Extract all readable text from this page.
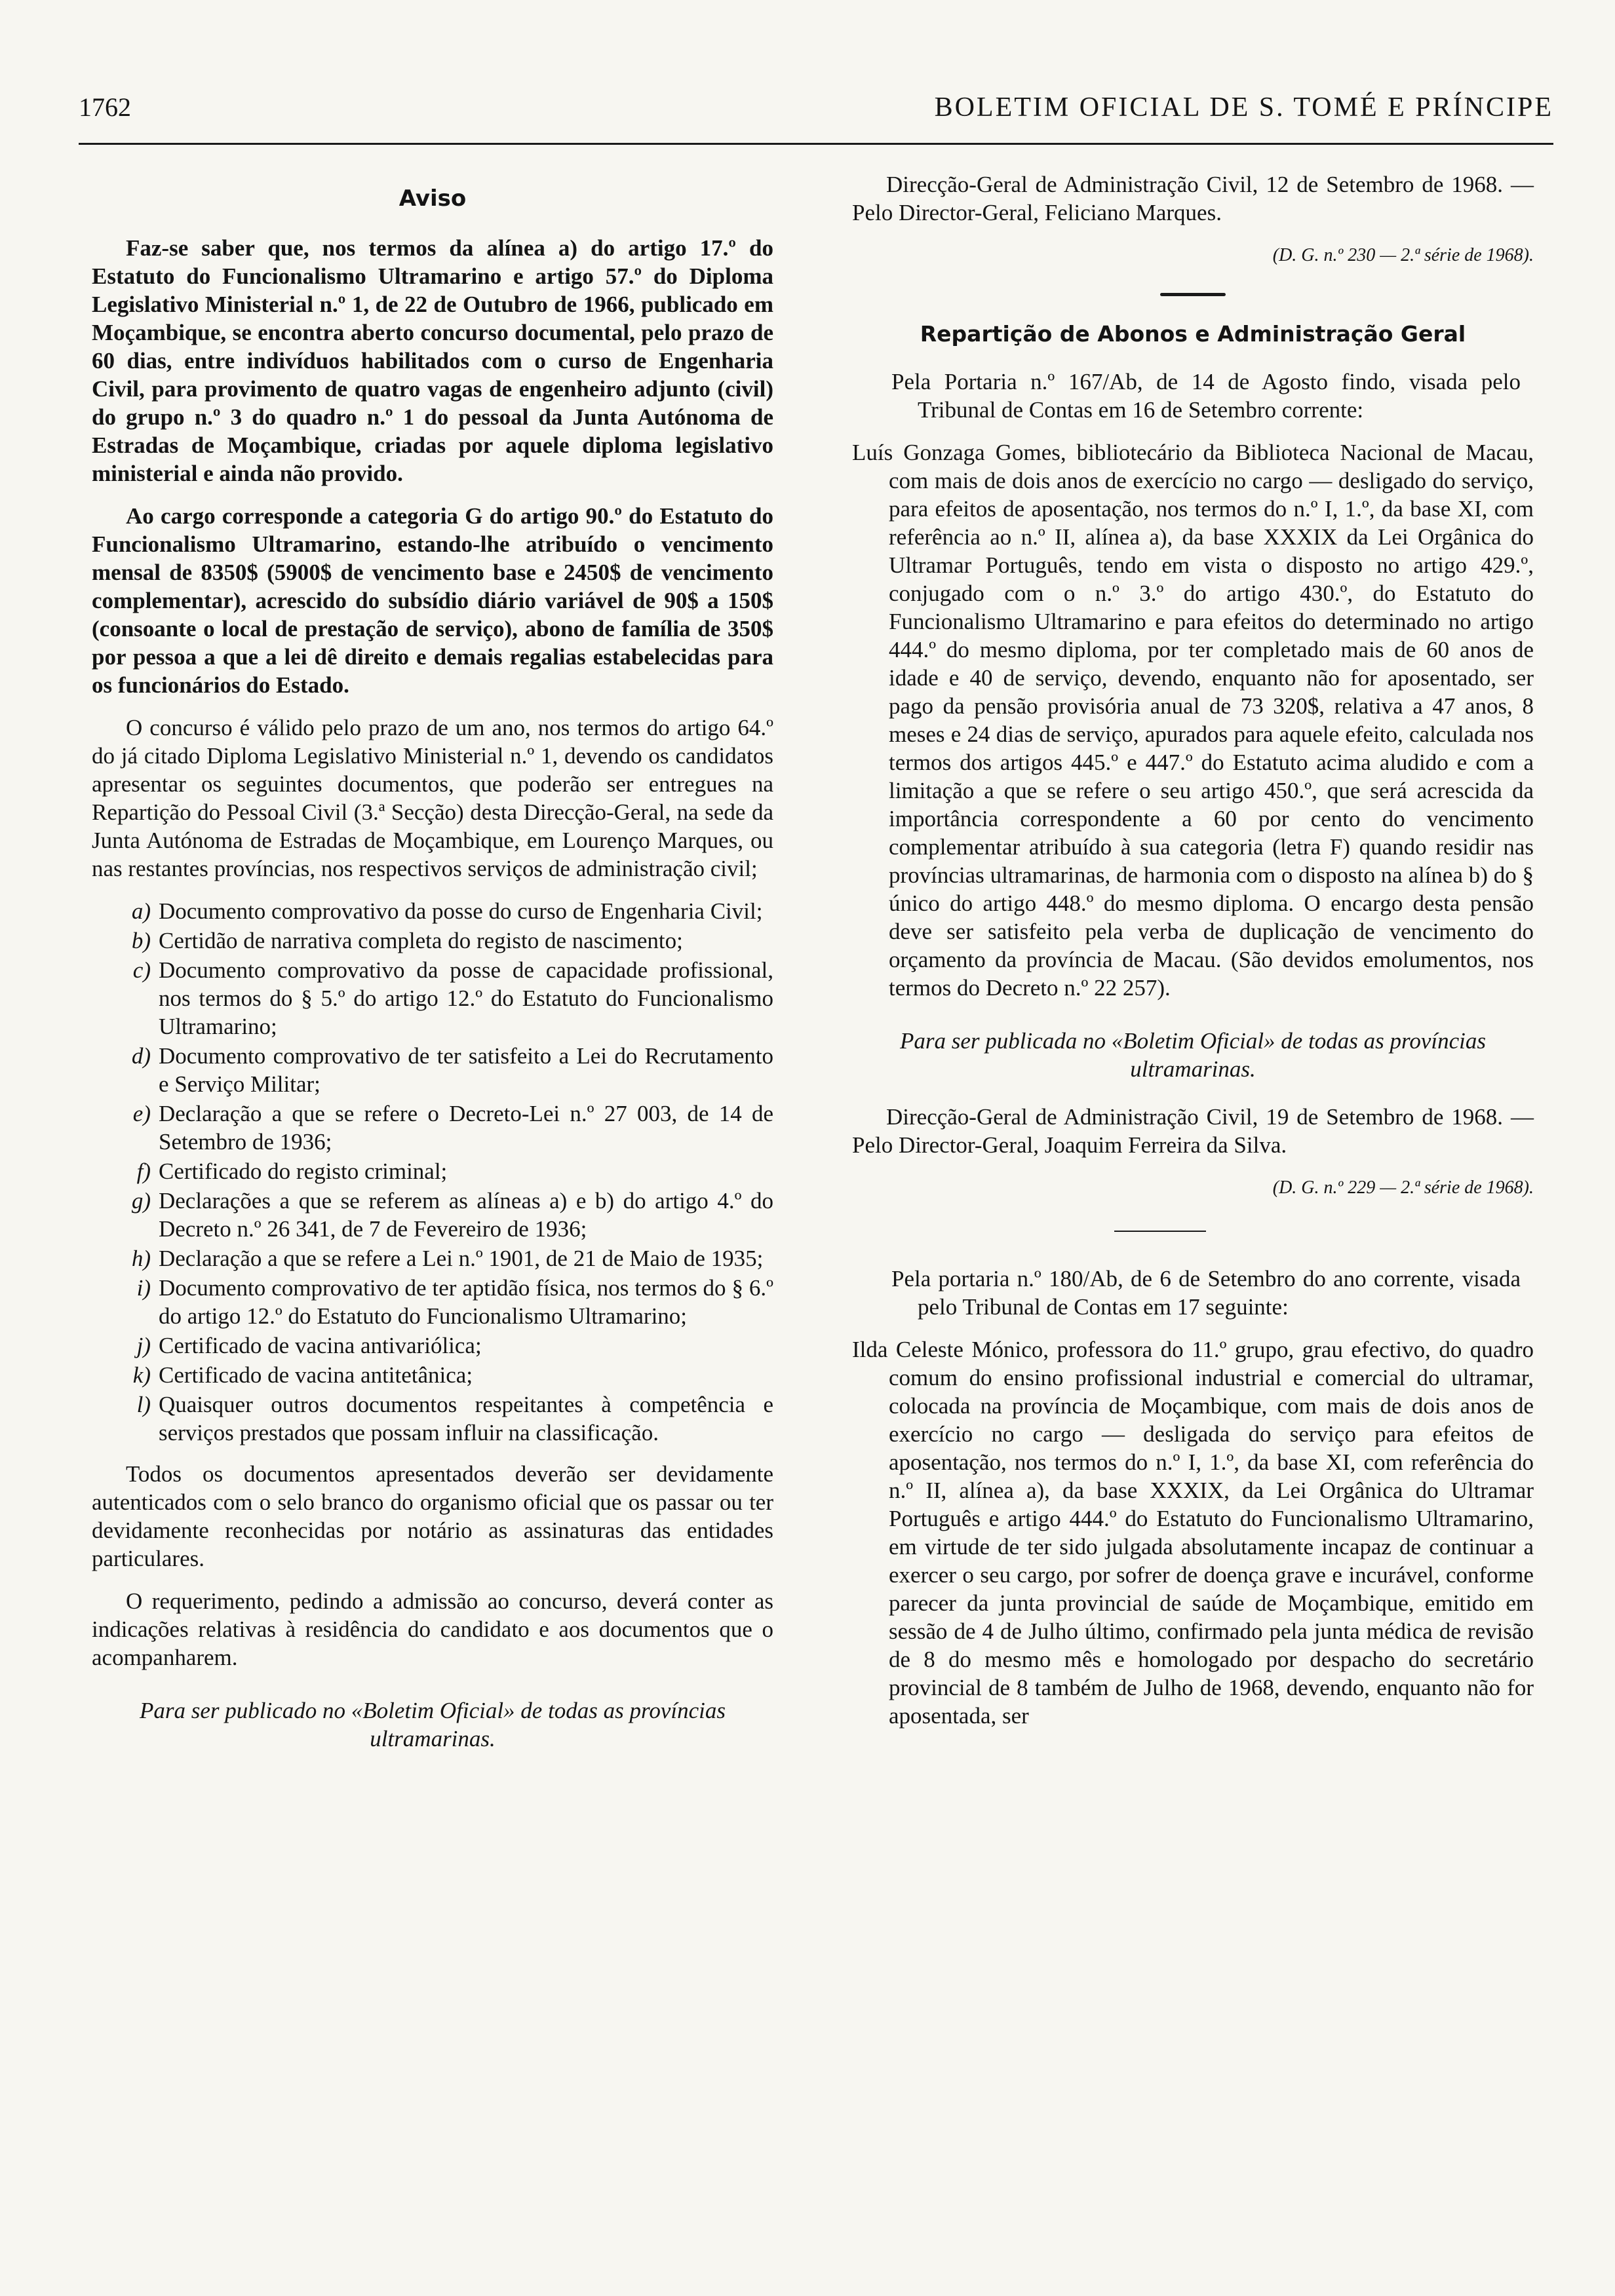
1762	BOLETIM OFICIAL DE S. TOMÉ E PRÍNCIPE
Aviso

Faz-se saber que, nos termos da alínea a) do artigo 17.º do Estatuto do Funcionalismo Ultramarino e artigo 57.º do Diploma Legislativo Ministerial n.º 1, de 22 de Outubro de 1966, publicado em Moçambique, se encontra aberto concurso documental, pelo prazo de 60 dias, entre indivíduos habilitados com o curso de Engenharia Civil, para provimento de quatro vagas de engenheiro adjunto (civil) do grupo n.º 3 do quadro n.º 1 do pessoal da Junta Autónoma de Estradas de Moçambique, criadas por aquele diploma legislativo ministerial e ainda não provido.

Ao cargo corresponde a categoria G do artigo 90.º do Estatuto do Funcionalismo Ultramarino, estando-lhe atribuído o vencimento mensal de 8350$ (5900$ de vencimento base e 2450$ de vencimento complementar), acrescido do subsídio diário variável de 90$ a 150$ (consoante o local de prestação de serviço), abono de família de 350$ por pessoa a que a lei dê direito e demais regalias estabelecidas para os funcionários do Estado.

O concurso é válido pelo prazo de um ano, nos termos do artigo 64.º do já citado Diploma Legislativo Ministerial n.º 1, devendo os candidatos apresentar os seguintes documentos, que poderão ser entregues na Repartição do Pessoal Civil (3.ª Secção) desta Direcção-Geral, na sede da Junta Autónoma de Estradas de Moçambique, em Lourenço Marques, ou nas restantes províncias, nos respectivos serviços de administração civil;

a) Documento comprovativo da posse do curso de Engenharia Civil;
b) Certidão de narrativa completa do registo de nascimento;
c) Documento comprovativo da posse de capacidade profissional, nos termos do § 5.º do artigo 12.º do Estatuto do Funcionalismo Ultramarino;
d) Documento comprovativo de ter satisfeito a Lei do Recrutamento e Serviço Militar;
e) Declaração a que se refere o Decreto-Lei n.º 27 003, de 14 de Setembro de 1936;
f) Certificado do registo criminal;
g) Declarações a que se referem as alíneas a) e b) do artigo 4.º do Decreto n.º 26 341, de 7 de Fevereiro de 1936;
h) Declaração a que se refere a Lei n.º 1901, de 21 de Maio de 1935;
i) Documento comprovativo de ter aptidão física, nos termos do § 6.º do artigo 12.º do Estatuto do Funcionalismo Ultramarino;
j) Certificado de vacina antivariólica;
k) Certificado de vacina antitetânica;
l) Quaisquer outros documentos respeitantes à competência e serviços prestados que possam influir na classificação.

Todos os documentos apresentados deverão ser devidamente autenticados com o selo branco do organismo oficial que os passar ou ter devidamente reconhecidas por notário as assinaturas das entidades particulares.

O requerimento, pedindo a admissão ao concurso, deverá conter as indicações relativas à residência do candidato e aos documentos que o acompanharem.

Para ser publicado no «Boletim Oficial» de todas as províncias ultramarinas.

Direcção-Geral de Administração Civil, 12 de Setembro de 1968. — Pelo Director-Geral, Feliciano Marques.

(D. G. n.º 230 — 2.ª série de 1968).
Repartição de Abonos e Administração Geral

Pela Portaria n.º 167/Ab, de 14 de Agosto findo, visada pelo Tribunal de Contas em 16 de Setembro corrente:

Luís Gonzaga Gomes, bibliotecário da Biblioteca Nacional de Macau, com mais de dois anos de exercício no cargo — desligado do serviço, para efeitos de aposentação, nos termos do n.º I, 1.º, da base XI, com referência ao n.º II, alínea a), da base XXXIX da Lei Orgânica do Ultramar Português, tendo em vista o disposto no artigo 429.º, conjugado com o n.º 3.º do artigo 430.º, do Estatuto do Funcionalismo Ultramarino e para efeitos do determinado no artigo 444.º do mesmo diploma, por ter completado mais de 60 anos de idade e 40 de serviço, devendo, enquanto não for aposentado, ser pago da pensão provisória anual de 73 320$, relativa a 47 anos, 8 meses e 24 dias de serviço, apurados para aquele efeito, calculada nos termos dos artigos 445.º e 447.º do Estatuto acima aludido e com a limitação a que se refere o seu artigo 450.º, que será acrescida da importância correspondente a 60 por cento do vencimento complementar atribuído à sua categoria (letra F) quando residir nas províncias ultramarinas, de harmonia com o disposto na alínea b) do § único do artigo 448.º do mesmo diploma. O encargo desta pensão deve ser satisfeito pela verba de duplicação de vencimento do orçamento da província de Macau. (São devidos emolumentos, nos termos do Decreto n.º 22 257).

Para ser publicada no «Boletim Oficial» de todas as províncias ultramarinas.

Direcção-Geral de Administração Civil, 19 de Setembro de 1968. — Pelo Director-Geral, Joaquim Ferreira da Silva.

(D. G. n.º 229 — 2.ª série de 1968).

Pela portaria n.º 180/Ab, de 6 de Setembro do ano corrente, visada pelo Tribunal de Contas em 17 seguinte:

Ilda Celeste Mónico, professora do 11.º grupo, grau efectivo, do quadro comum do ensino profissional industrial e comercial do ultramar, colocada na província de Moçambique, com mais de dois anos de exercício no cargo — desligada do serviço para efeitos de aposentação, nos termos do n.º I, 1.º, da base XI, com referência do n.º II, alínea a), da base XXXIX, da Lei Orgânica do Ultramar Português e artigo 444.º do Estatuto do Funcionalismo Ultramarino, em virtude de ter sido julgada absolutamente incapaz de continuar a exercer o seu cargo, por sofrer de doença grave e incurável, conforme parecer da junta provincial de saúde de Moçambique, emitido em sessão de 4 de Julho último, confirmado pela junta médica de revisão de 8 do mesmo mês e homologado por despacho do secretário provincial de 8 também de Julho de 1968, devendo, enquanto não for aposentada, ser
